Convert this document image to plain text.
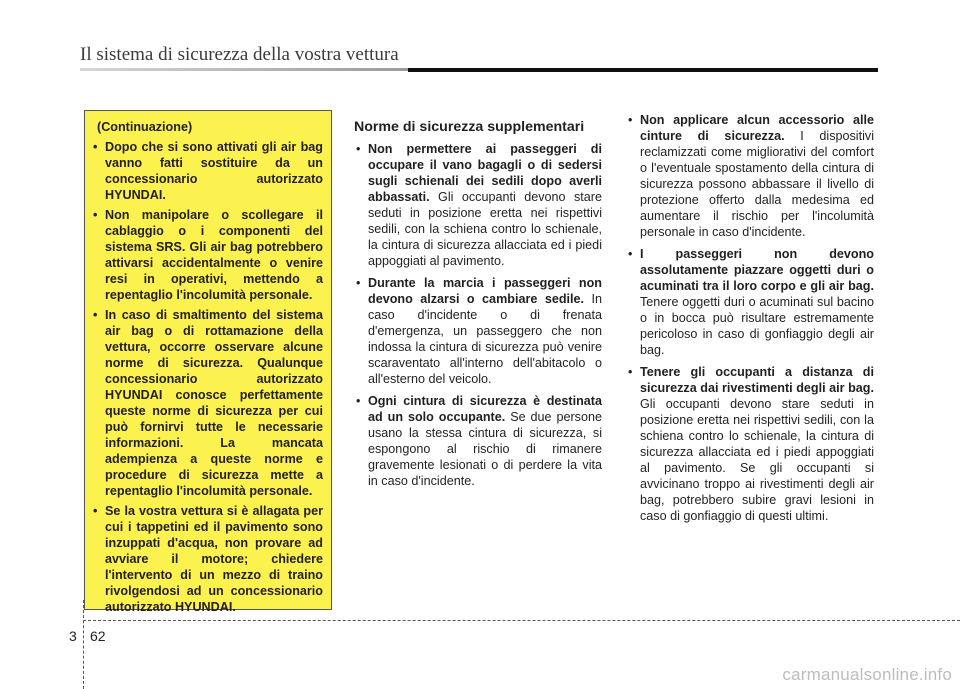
Il sistema di sicurezza della vostra vettura
(Continuazione)
• Dopo che si sono attivati gli air bag vanno fatti sostituire da un concessionario autorizzato HYUNDAI.
• Non manipolare o scollegare il cablaggio o i componenti del sistema SRS. Gli air bag potrebbero attivarsi accidentalmente o venire resi in operativi, mettendo a repentaglio l'incolumità personale.
• In caso di smaltimento del sistema air bag o di rottamazione della vettura, occorre osservare alcune norme di sicurezza. Qualunque concessionario autorizzato HYUNDAI conosce perfettamente queste norme di sicurezza per cui può fornirvi tutte le necessarie informazioni. La mancata adempienza a queste norme e procedure di sicurezza mette a repentaglio l'incolumità personale.
• Se la vostra vettura si è allagata per cui i tappetini ed il pavimento sono inzuppati d'acqua, non provare ad avviare il motore; chiedere l'intervento di un mezzo di traino rivolgendosi ad un concessionario autorizzato HYUNDAI.
Norme di sicurezza supplementari
• Non permettere ai passeggeri di occupare il vano bagagli o di sedersi sugli schienali dei sedili dopo averli abbassati. Gli occupanti devono stare seduti in posizione eretta nei rispettivi sedili, con la schiena contro lo schienale, la cintura di sicurezza allacciata ed i piedi appoggiati al pavimento.
• Durante la marcia i passeggeri non devono alzarsi o cambiare sedile. In caso d'incidente o di frenata d'emergenza, un passeggero che non indossa la cintura di sicurezza può venire scaraventato all'interno dell'abitacolo o all'esterno del veicolo.
• Ogni cintura di sicurezza è destinata ad un solo occupante. Se due persone usano la stessa cintura di sicurezza, si espongono al rischio di rimanere gravemente lesionati o di perdere la vita in caso d'incidente.
• Non applicare alcun accessorio alle cinture di sicurezza. I dispositivi reclamizzati come migliorativi del comfort o l'eventuale spostamento della cintura di sicurezza possono abbassare il livello di protezione offerto dalla medesima ed aumentare il rischio per l'incolumità personale in caso d'incidente.
• I passeggeri non devono assolutamente piazzare oggetti duri o acuminati tra il loro corpo e gli air bag. Tenere oggetti duri o acuminati sul bacino o in bocca può risultare estremamente pericoloso in caso di gonfiaggio degli air bag.
• Tenere gli occupanti a distanza di sicurezza dai rivestimenti degli air bag. Gli occupanti devono stare seduti in posizione eretta nei rispettivi sedili, con la schiena contro lo schienale, la cintura di sicurezza allacciata ed i piedi appoggiati al pavimento. Se gli occupanti si avvicinano troppo ai rivestimenti degli air bag, potrebbero subire gravi lesioni in caso di gonfiaggio di questi ultimi.
3 62
carmanualsonline.info
